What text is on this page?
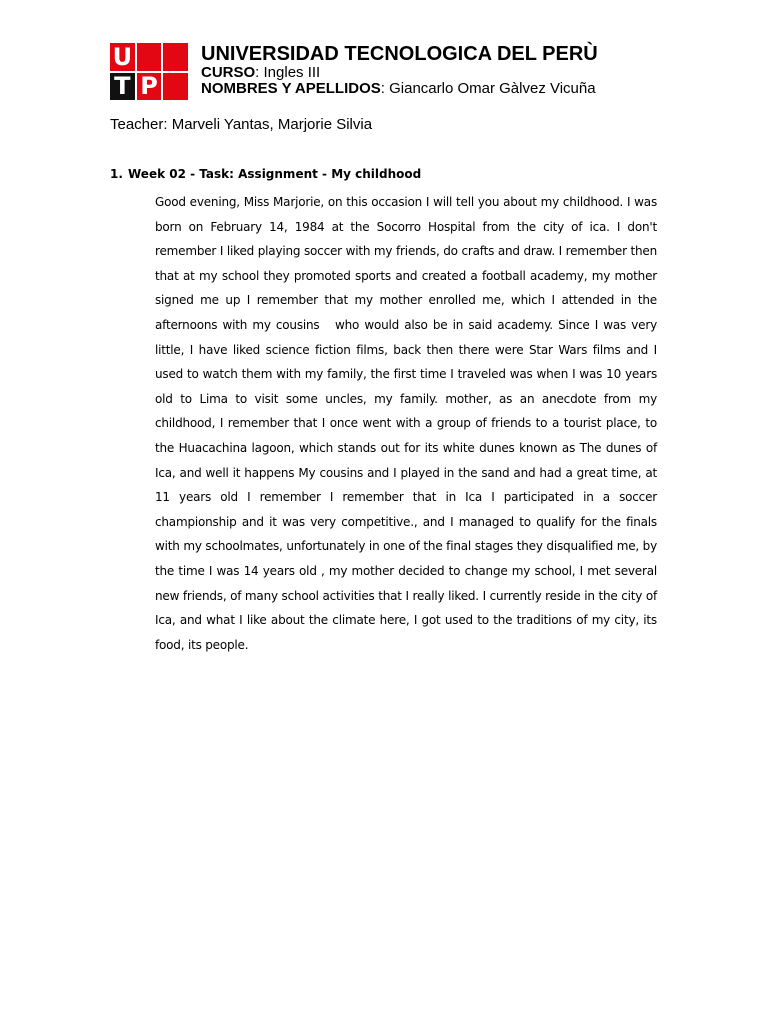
U
T P

UNIVERSIDAD TECNOLOGICA DEL PERÙ

CURSO: Ingles III

NOMBRES Y APELLIDOS: Giancarlo Omar Gàlvez Vicuña

Teacher: Marveli Yantas, Marjorie Silvia
1. Week 02 - Task: Assignment - My childhood
Good evening, Miss Marjorie, on this occasion I will tell you about my childhood. I was born on February 14, 1984 at the Socorro Hospital from the city of ica. I don't remember I liked playing soccer with my friends, do crafts and draw. I remember then that at my school they promoted sports and created a football academy, my mother signed me up I remember that my mother enrolled me, which I attended in the afternoons with my cousins   who would also be in said academy. Since I was very little, I have liked science fiction films, back then there were Star Wars films and I used to watch them with my family, the first time I traveled was when I was 10 years old to Lima to visit some uncles, my family. mother, as an anecdote from my childhood, I remember that I once went with a group of friends to a tourist place, to the Huacachina lagoon, which stands out for its white dunes known as The dunes of Ica, and well it happens My cousins and I played in the sand and had a great time, at 11 years old I remember I remember that in Ica I participated in a soccer championship and it was very competitive., and I managed to qualify for the finals with my schoolmates, unfortunately in one of the final stages they disqualified me, by the time I was 14 years old , my mother decided to change my school, I met several new friends, of many school activities that I really liked. I currently reside in the city of Ica, and what I like about the climate here, I got used to the traditions of my city, its food, its people.
